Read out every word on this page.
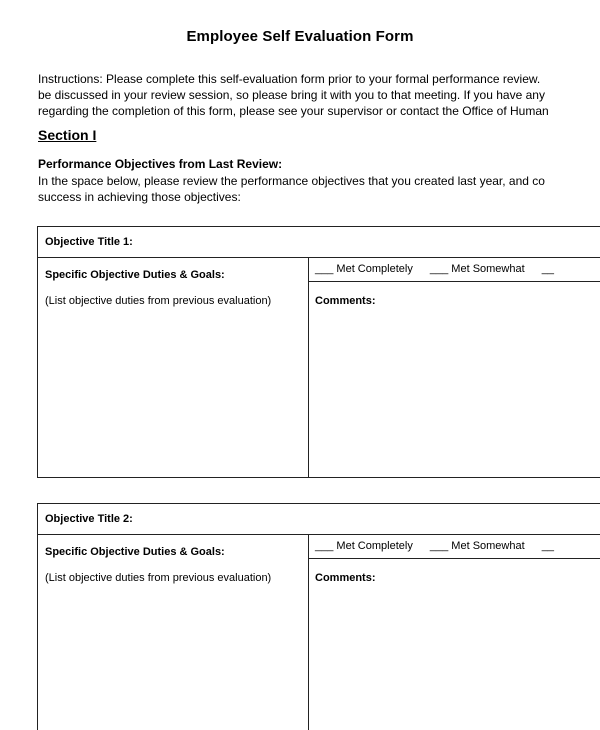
Employee Self Evaluation Form
Instructions: Please complete this self-evaluation form prior to your formal performance review.
be discussed in your review session, so please bring it with you to that meeting. If you have any
regarding the completion of this form, please see your supervisor or contact the Office of Human
Section I
Performance Objectives from Last Review:
In the space below, please review the performance objectives that you created last year, and co
success in achieving those objectives:
Objective Title 1:
Specific Objective Duties & Goals:
(List objective duties from previous evaluation)
___ Met Completely ___ Met Somewhat __
Comments:
Objective Title 2:
Specific Objective Duties & Goals:
(List objective duties from previous evaluation)
___ Met Completely ___ Met Somewhat __
Comments:
